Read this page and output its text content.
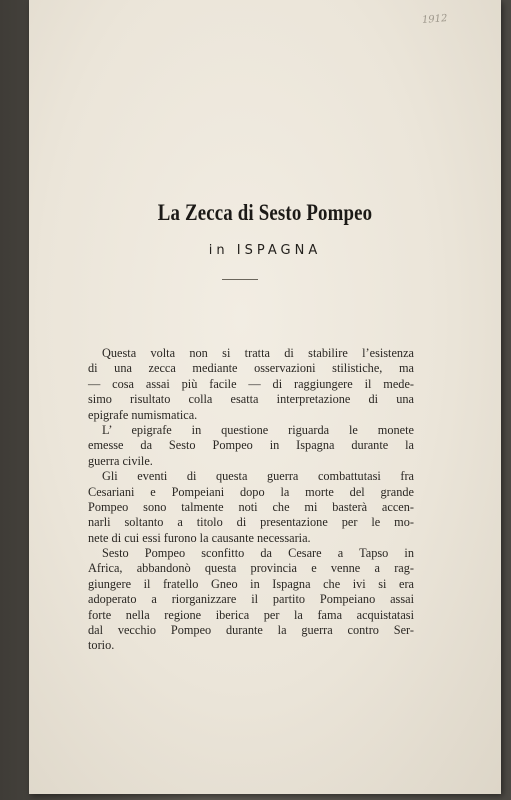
1912
La Zecca di Sesto Pompeo
in ISPAGNA
Questa volta non si tratta di stabilire l’esistenza
di una zecca mediante osservazioni stilistiche, ma
— cosa assai più facile — di raggiungere il mede-
simo risultato colla esatta interpretazione di una
epigrafe numismatica.
L’ epigrafe in questione riguarda le monete
emesse da Sesto Pompeo in Ispagna durante la
guerra civile.
Gli eventi di questa guerra combattutasi fra
Cesariani e Pompeiani dopo la morte del grande
Pompeo sono talmente noti che mi basterà accen-
narli soltanto a titolo di presentazione per le mo-
nete di cui essi furono la causante necessaria.
Sesto Pompeo sconfitto da Cesare a Tapso in
Africa, abbandonò questa provincia e venne a rag-
giungere il fratello Gneo in Ispagna che ivi si era
adoperato a riorganizzare il partito Pompeiano assai
forte nella regione iberica per la fama acquistatasi
dal vecchio Pompeo durante la guerra contro Ser-
torio.
